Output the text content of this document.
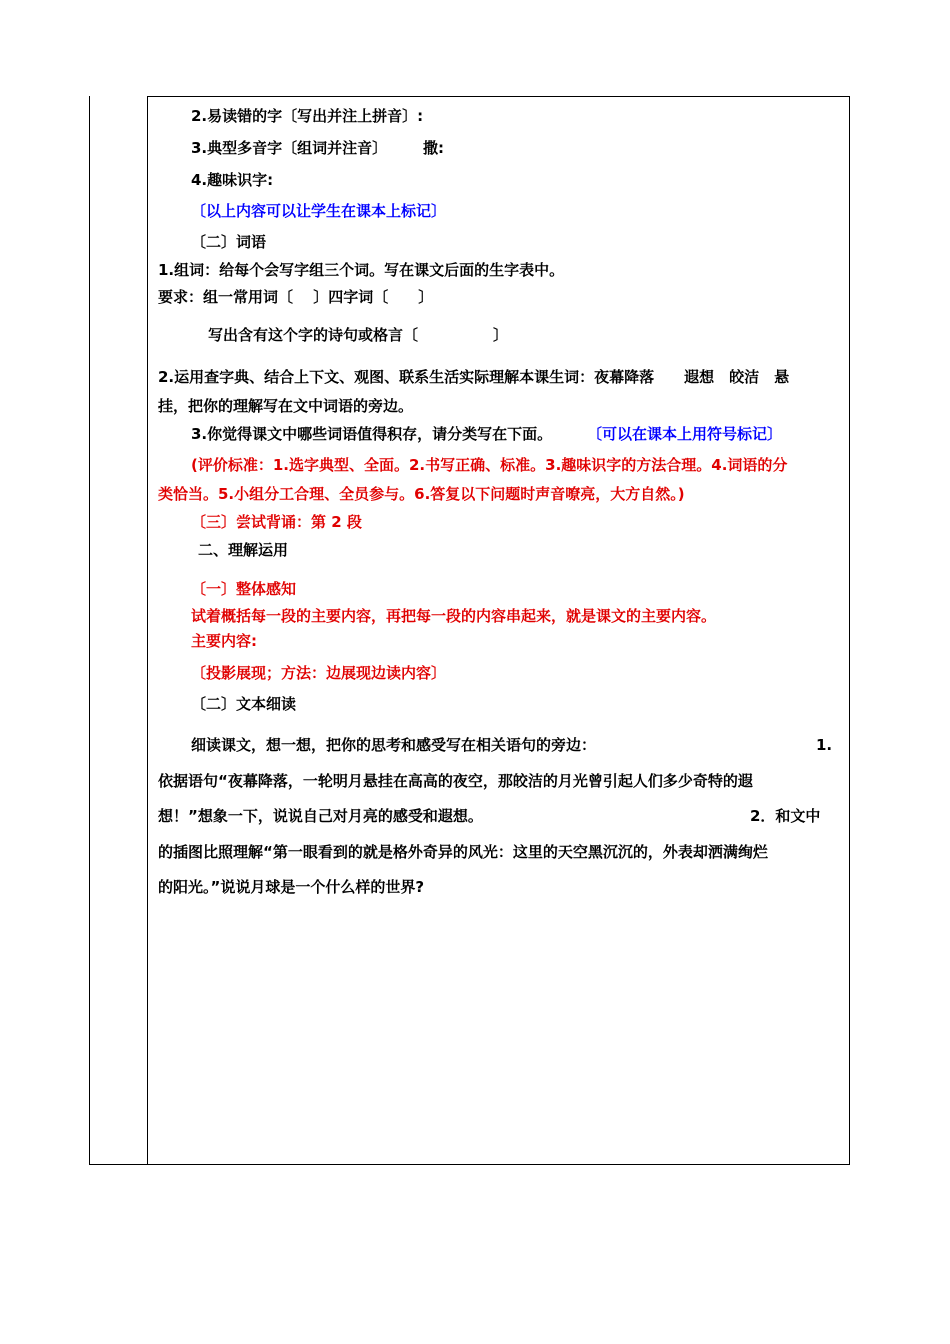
2.易读错的字〔写出并注上拼音〕:
3.典型多音字〔组词并注音〕 撒:
4.趣味识字:
〔以上内容可以让学生在课本上标记〕
〔二〕词语
1.组词：给每个会写字组三个词。写在课文后面的生字表中。
要求：组一常用词〔　 〕四字词〔　　〕
写出含有这个字的诗句或格言〔　　　　　〕
2.运用查字典、结合上下文、观图、联系生活实际理解本课生词：夜幕降落　　遐想　皎洁　悬
挂，把你的理解写在文中词语的旁边。
3.你觉得课文中哪些词语值得积存，请分类写在下面。 〔可以在课本上用符号标记〕
(评价标准：1.选字典型、全面。2.书写正确、标准。3.趣味识字的方法合理。4.词语的分
类恰当。5.小组分工合理、全员参与。6.答复以下问题时声音嘹亮，大方自然。)
〔三〕尝试背诵：第 2 段
二、理解运用
〔一〕整体感知
试着概括每一段的主要内容，再把每一段的内容串起来，就是课文的主要内容。
主要内容:
〔投影展现；方法：边展现边读内容〕
〔二〕文本细读
细读课文，想一想，把你的思考和感受写在相关语句的旁边：	1.
依据语句“夜幕降落，一轮明月悬挂在高高的夜空，那皎洁的月光曾引起人们多少奇特的遐
想！”想象一下，说说自己对月亮的感受和遐想。	2．和文中
的插图比照理解“第一眼看到的就是格外奇异的风光：这里的天空黑沉沉的，外表却洒满绚烂
的阳光。”说说月球是一个什么样的世界?
